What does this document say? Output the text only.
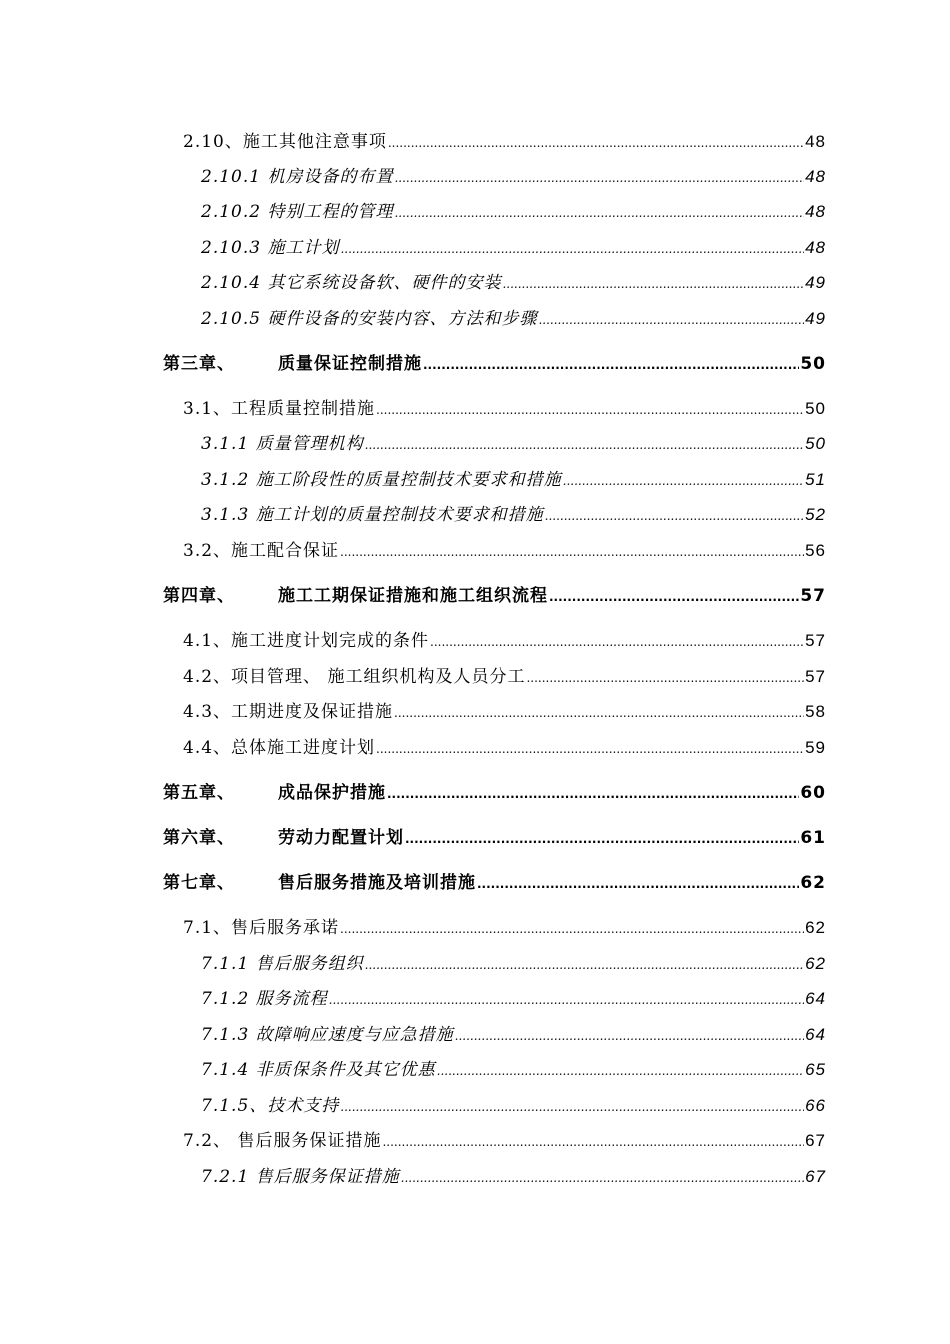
2.10、施工其他注意事项 .....	48
2.10.1 机房设备的布置 .....	48
2.10.2 特别工程的管理 .....	48
2.10.3 施工计划 .....	48
2.10.4 其它系统设备软、硬件的安装 .....	49
2.10.5 硬件设备的安装内容、方法和步骤 .....	49
第三章、	质量保证控制措施 .....	50
3.1、工程质量控制措施 .....	50
3.1.1 质量管理机构 .....	50
3.1.2 施工阶段性的质量控制技术要求和措施 .....	51
3.1.3 施工计划的质量控制技术要求和措施 .....	52
3.2、施工配合保证 .....	56
第四章、	施工工期保证措施和施工组织流程 .....	57
4.1、施工进度计划完成的条件 .....	57
4.2、项目管理、 施工组织机构及人员分工 .....	57
4.3、工期进度及保证措施 .....	58
4.4、总体施工进度计划 .....	59
第五章、	成品保护措施 .....	60
第六章、	劳动力配置计划 .....	61
第七章、	售后服务措施及培训措施 .....	62
7.1、售后服务承诺 .....	62
7.1.1 售后服务组织 .....	62
7.1.2 服务流程 .....	64
7.1.3 故障响应速度与应急措施 .....	64
7.1.4 非质保条件及其它优惠 .....	65
7.1.5、技术支持 .....	66
7.2、 售后服务保证措施 .....	67
7.2.1 售后服务保证措施 .....	67
